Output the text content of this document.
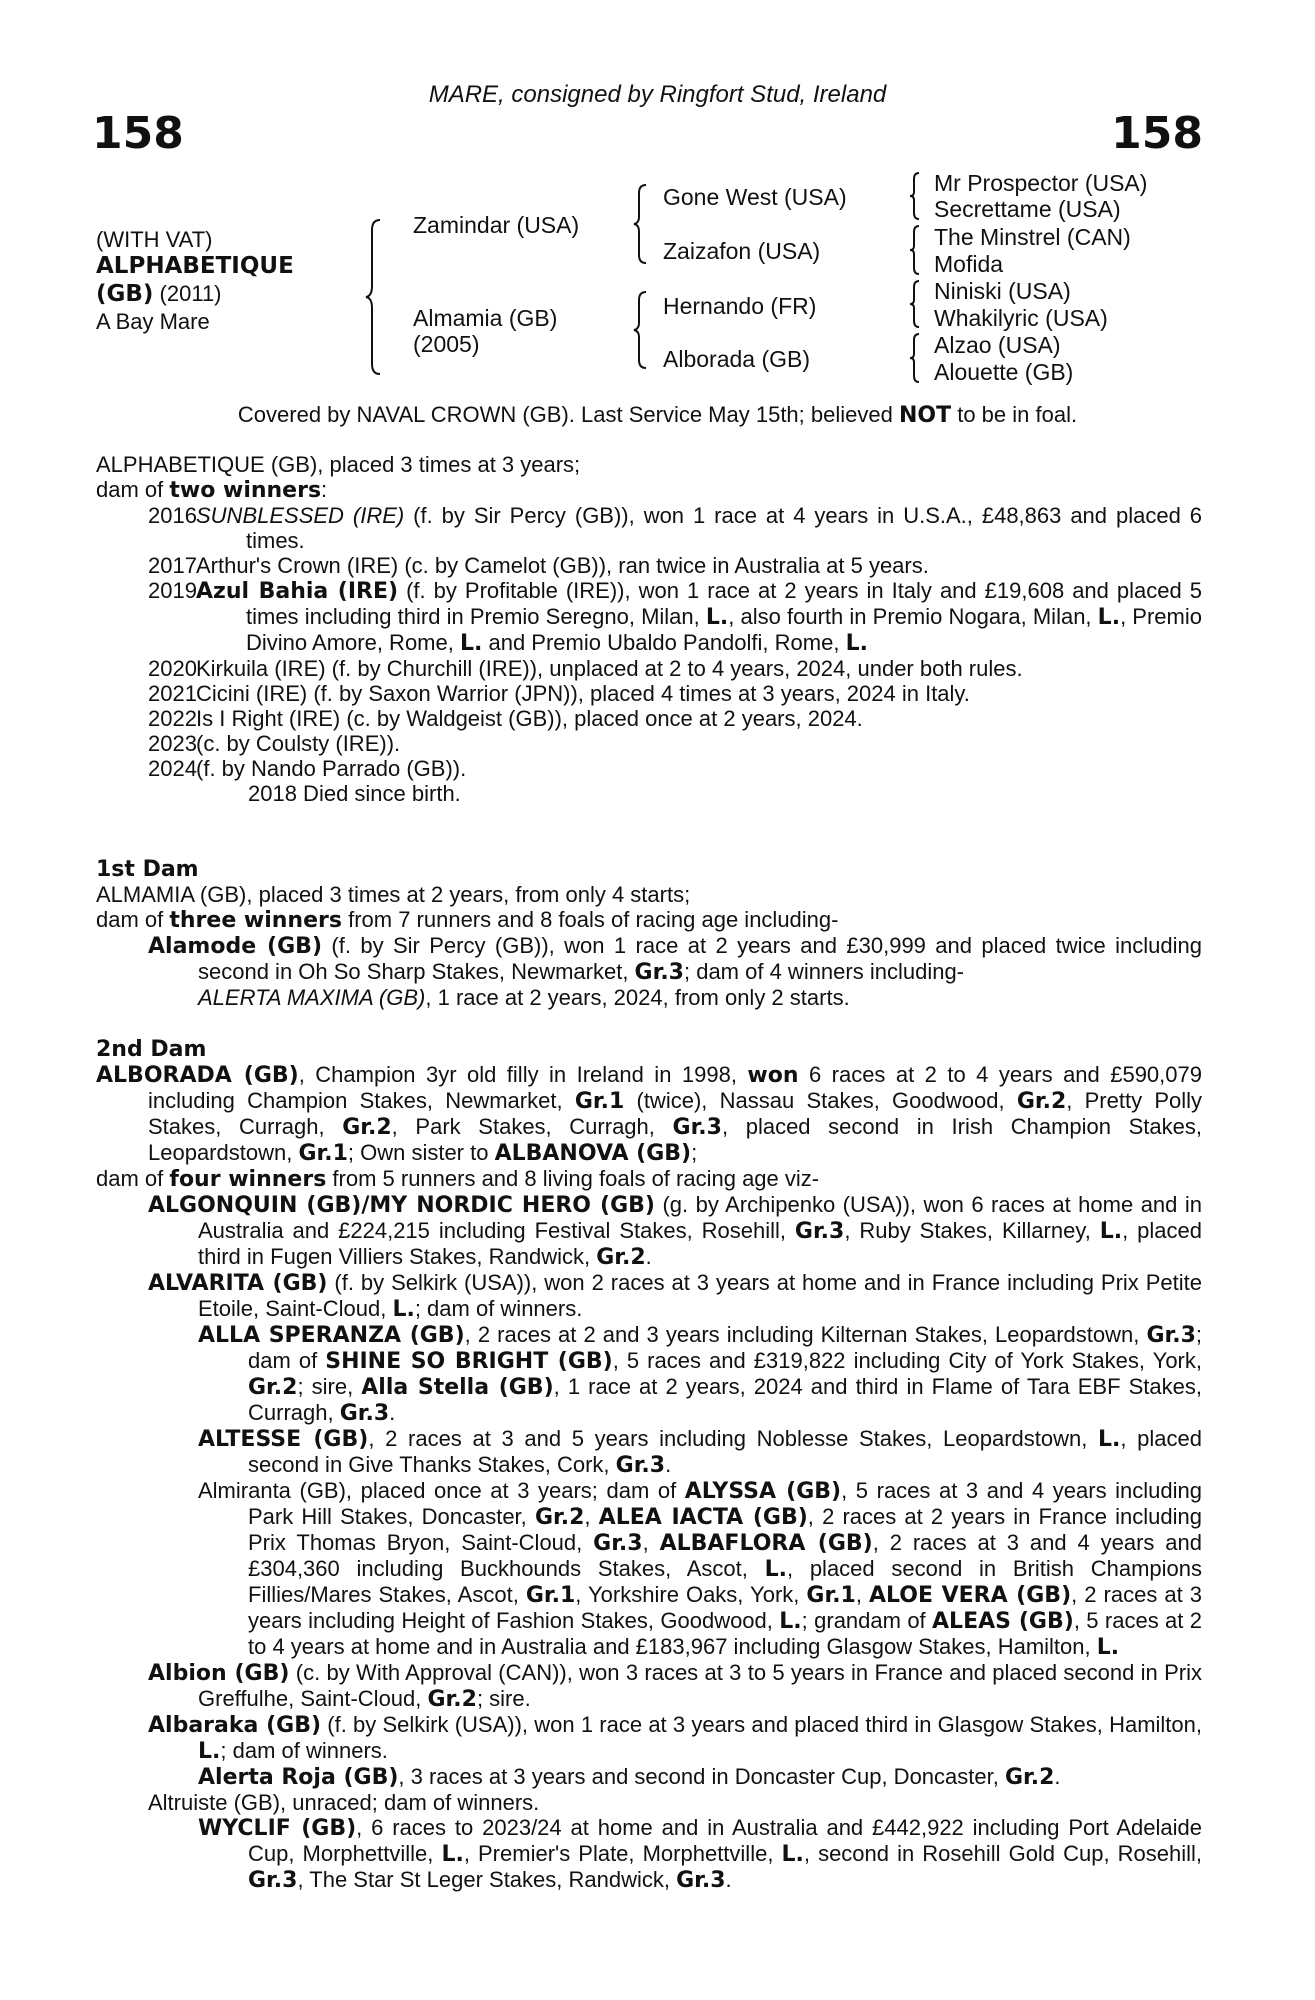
158	158
MARE, consigned by Ringfort Stud, Ireland
(WITH VAT)
ALPHABETIQUE
(GB) (2011)
A Bay Mare
Zamindar (USA)
Almamia (GB)
(2005)
Gone West (USA)
Zaizafon (USA)
Hernando (FR)
Alborada (GB)
Mr Prospector (USA)
Secrettame (USA)
The Minstrel (CAN)
Mofida
Niniski (USA)
Whakilyric (USA)
Alzao (USA)
Alouette (GB)
Covered by NAVAL CROWN (GB). Last Service May 15th; believed NOT to be in foal.

ALPHABETIQUE (GB), placed 3 times at 3 years;

dam of two winners:

2016 SUNBLESSED (IRE) (f. by Sir Percy (GB)), won 1 race at 4 years in U.S.A., £48,863 and placed 6 times.
2017 Arthur's Crown (IRE) (c. by Camelot (GB)), ran twice in Australia at 5 years.
2019 Azul Bahia (IRE) (f. by Profitable (IRE)), won 1 race at 2 years in Italy and £19,608 and placed 5 times including third in Premio Seregno, Milan, L., also fourth in Premio Nogara, Milan, L., Premio Divino Amore, Rome, L. and Premio Ubaldo Pandolfi, Rome, L.
2020 Kirkuila (IRE) (f. by Churchill (IRE)), unplaced at 2 to 4 years, 2024, under both rules.
2021 Cicini (IRE) (f. by Saxon Warrior (JPN)), placed 4 times at 3 years, 2024 in Italy.
2022 Is I Right (IRE) (c. by Waldgeist (GB)), placed once at 2 years, 2024.
2023 (c. by Coulsty (IRE)).
2024 (f. by Nando Parrado (GB)).

2018 Died since birth.

1st Dam

ALMAMIA (GB), placed 3 times at 2 years, from only 4 starts;

dam of three winners from 7 runners and 8 foals of racing age including-

Alamode (GB) (f. by Sir Percy (GB)), won 1 race at 2 years and £30,999 and placed twice including second in Oh So Sharp Stakes, Newmarket, Gr.3; dam of 4 winners including-

ALERTA MAXIMA (GB), 1 race at 2 years, 2024, from only 2 starts.

2nd Dam

ALBORADA (GB), Champion 3yr old filly in Ireland in 1998, won 6 races at 2 to 4 years and £590,079 including Champion Stakes, Newmarket, Gr.1 (twice), Nassau Stakes, Goodwood, Gr.2, Pretty Polly Stakes, Curragh, Gr.2, Park Stakes, Curragh, Gr.3, placed second in Irish Champion Stakes, Leopardstown, Gr.1; Own sister to ALBANOVA (GB);

dam of four winners from 5 runners and 8 living foals of racing age viz-

ALGONQUIN (GB)/MY NORDIC HERO (GB) (g. by Archipenko (USA)), won 6 races at home and in Australia and £224,215 including Festival Stakes, Rosehill, Gr.3, Ruby Stakes, Killarney, L., placed third in Fugen Villiers Stakes, Randwick, Gr.2.

ALVARITA (GB) (f. by Selkirk (USA)), won 2 races at 3 years at home and in France including Prix Petite Etoile, Saint-Cloud, L.; dam of winners.

ALLA SPERANZA (GB), 2 races at 2 and 3 years including Kilternan Stakes, Leopardstown, Gr.3; dam of SHINE SO BRIGHT (GB), 5 races and £319,822 including City of York Stakes, York, Gr.2; sire, Alla Stella (GB), 1 race at 2 years, 2024 and third in Flame of Tara EBF Stakes, Curragh, Gr.3.

ALTESSE (GB), 2 races at 3 and 5 years including Noblesse Stakes, Leopardstown, L., placed second in Give Thanks Stakes, Cork, Gr.3.

Almiranta (GB), placed once at 3 years; dam of ALYSSA (GB), 5 races at 3 and 4 years including Park Hill Stakes, Doncaster, Gr.2, ALEA IACTA (GB), 2 races at 2 years in France including Prix Thomas Bryon, Saint-Cloud, Gr.3, ALBAFLORA (GB), 2 races at 3 and 4 years and £304,360 including Buckhounds Stakes, Ascot, L., placed second in British Champions Fillies/Mares Stakes, Ascot, Gr.1, Yorkshire Oaks, York, Gr.1, ALOE VERA (GB), 2 races at 3 years including Height of Fashion Stakes, Goodwood, L.; grandam of ALEAS (GB), 5 races at 2 to 4 years at home and in Australia and £183,967 including Glasgow Stakes, Hamilton, L.

Albion (GB) (c. by With Approval (CAN)), won 3 races at 3 to 5 years in France and placed second in Prix Greffulhe, Saint-Cloud, Gr.2; sire.

Albaraka (GB) (f. by Selkirk (USA)), won 1 race at 3 years and placed third in Glasgow Stakes, Hamilton, L.; dam of winners.

Alerta Roja (GB), 3 races at 3 years and second in Doncaster Cup, Doncaster, Gr.2.

Altruiste (GB), unraced; dam of winners.

WYCLIF (GB), 6 races to 2023/24 at home and in Australia and £442,922 including Port Adelaide Cup, Morphettville, L., Premier's Plate, Morphettville, L., second in Rosehill Gold Cup, Rosehill, Gr.3, The Star St Leger Stakes, Randwick, Gr.3.
